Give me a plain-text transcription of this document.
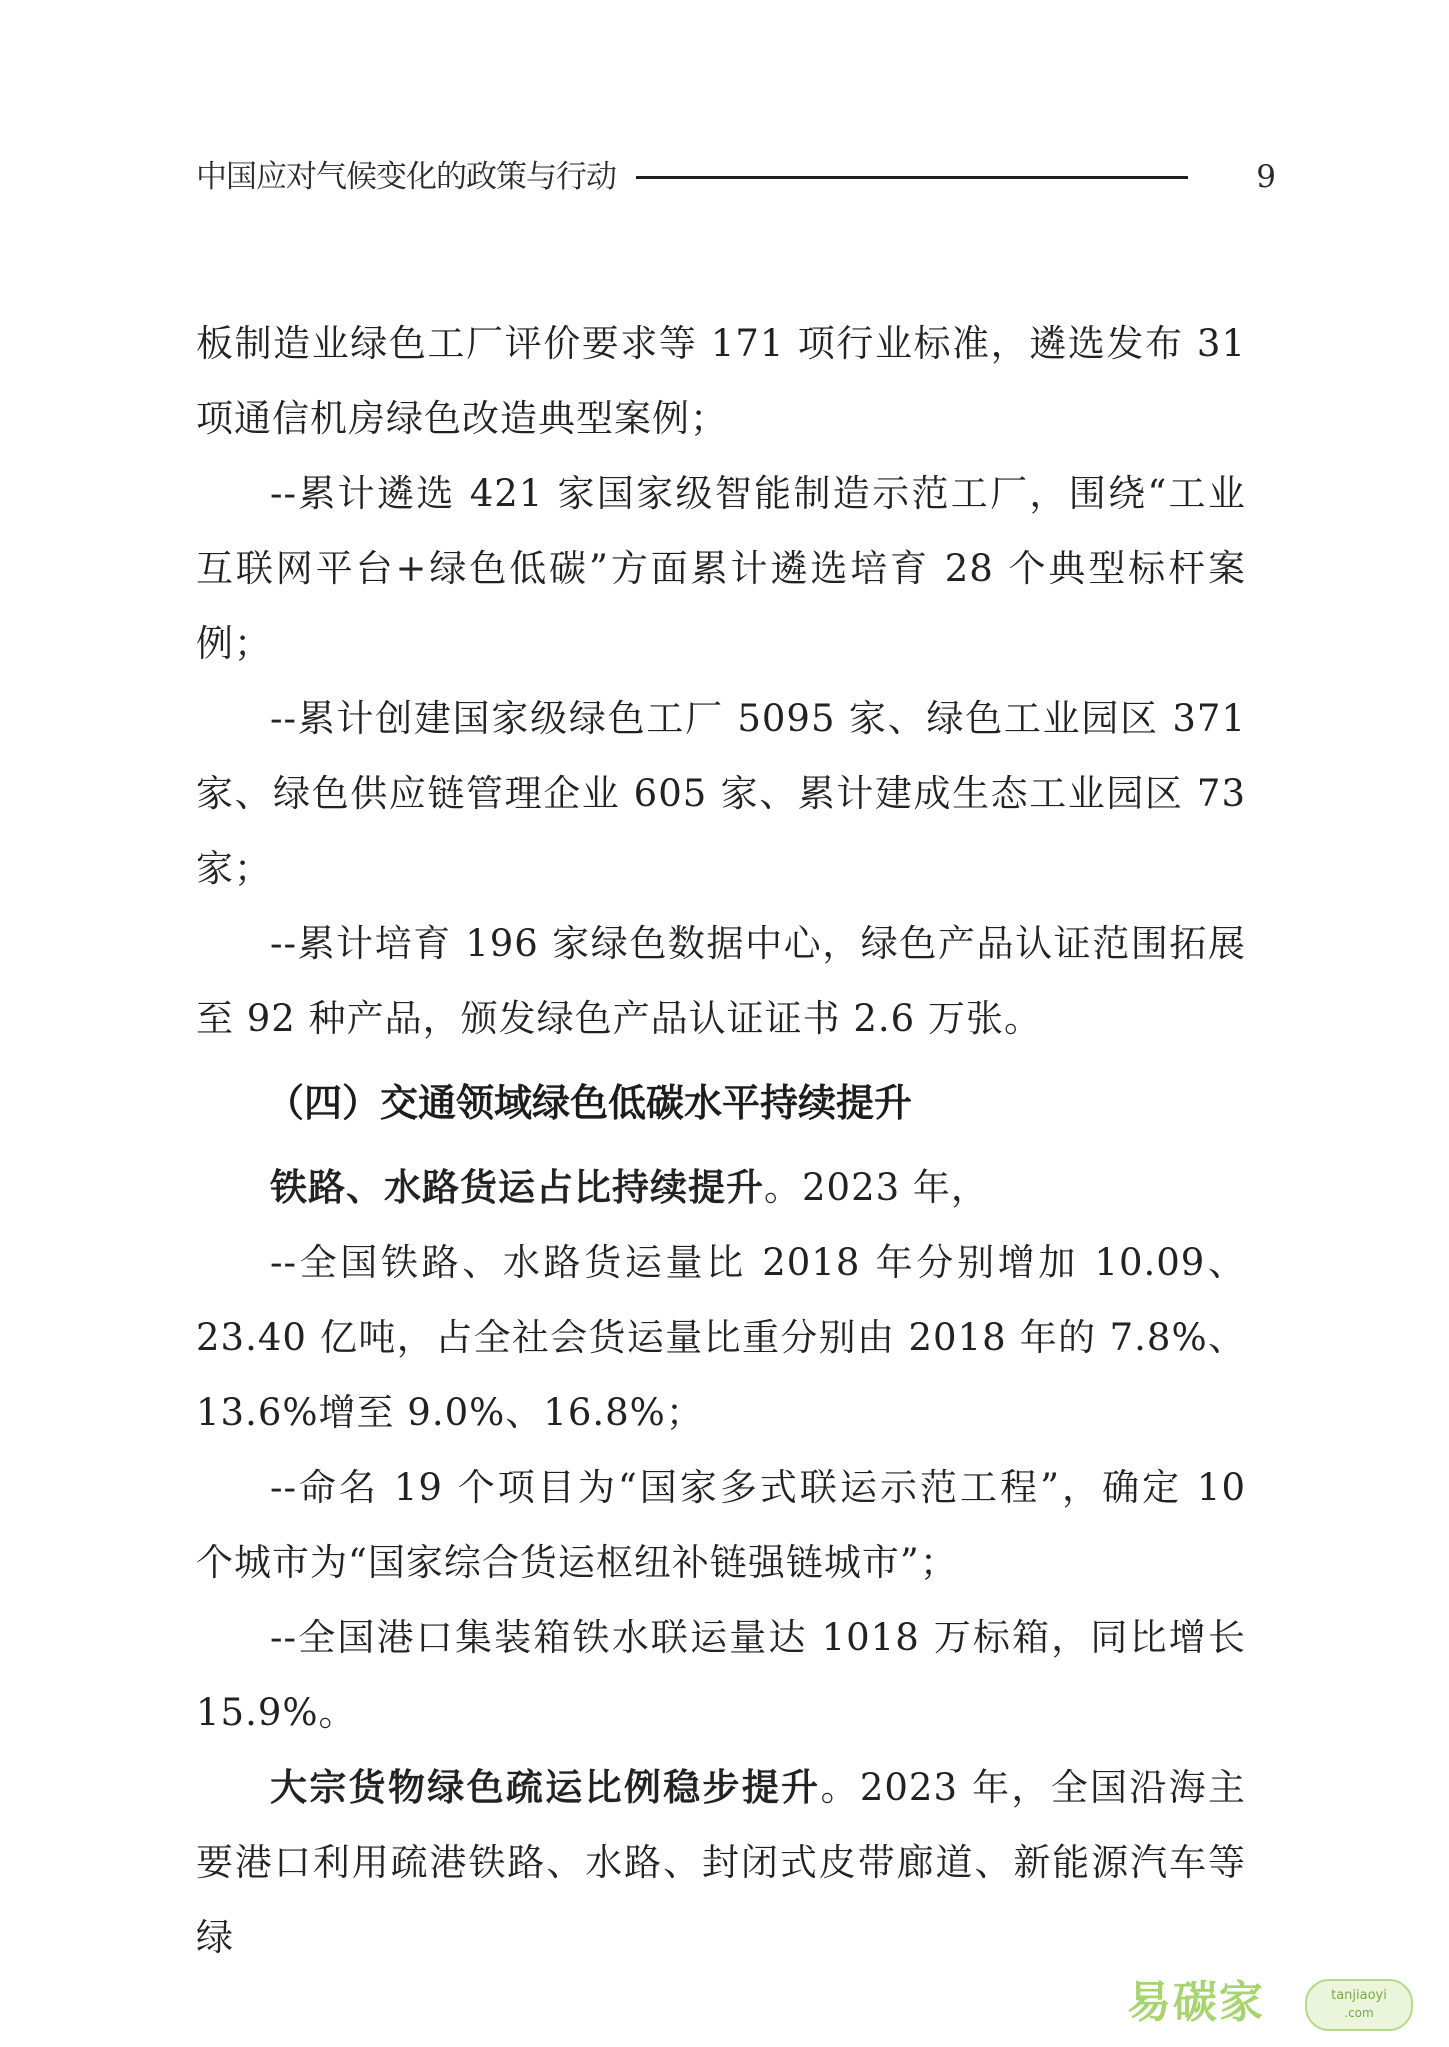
中国应对气候变化的政策与行动	9

板制造业绿色工厂评价要求等 171 项行业标准，遴选发布 31 项通信机房绿色改造典型案例；

--累计遴选 421 家国家级智能制造示范工厂，围绕“工业互联网平台+绿色低碳”方面累计遴选培育 28 个典型标杆案例；

--累计创建国家级绿色工厂 5095 家、绿色工业园区 371 家、绿色供应链管理企业 605 家、累计建成生态工业园区 73 家；

--累计培育 196 家绿色数据中心，绿色产品认证范围拓展至 92 种产品，颁发绿色产品认证证书 2.6 万张。

（四）交通领域绿色低碳水平持续提升

铁路、水路货运占比持续提升。2023 年，

--全国铁路、水路货运量比 2018 年分别增加 10.09、23.40 亿吨，占全社会货运量比重分别由 2018 年的 7.8%、13.6%增至 9.0%、16.8%；

--命名 19 个项目为“国家多式联运示范工程”，确定 10 个城市为“国家综合货运枢纽补链强链城市”；

--全国港口集装箱铁水联运量达 1018 万标箱，同比增长 15.9%。

大宗货物绿色疏运比例稳步提升。2023 年，全国沿海主要港口利用疏港铁路、水路、封闭式皮带廊道、新能源汽车等绿

易碳家	tanjiaoyi
.com
